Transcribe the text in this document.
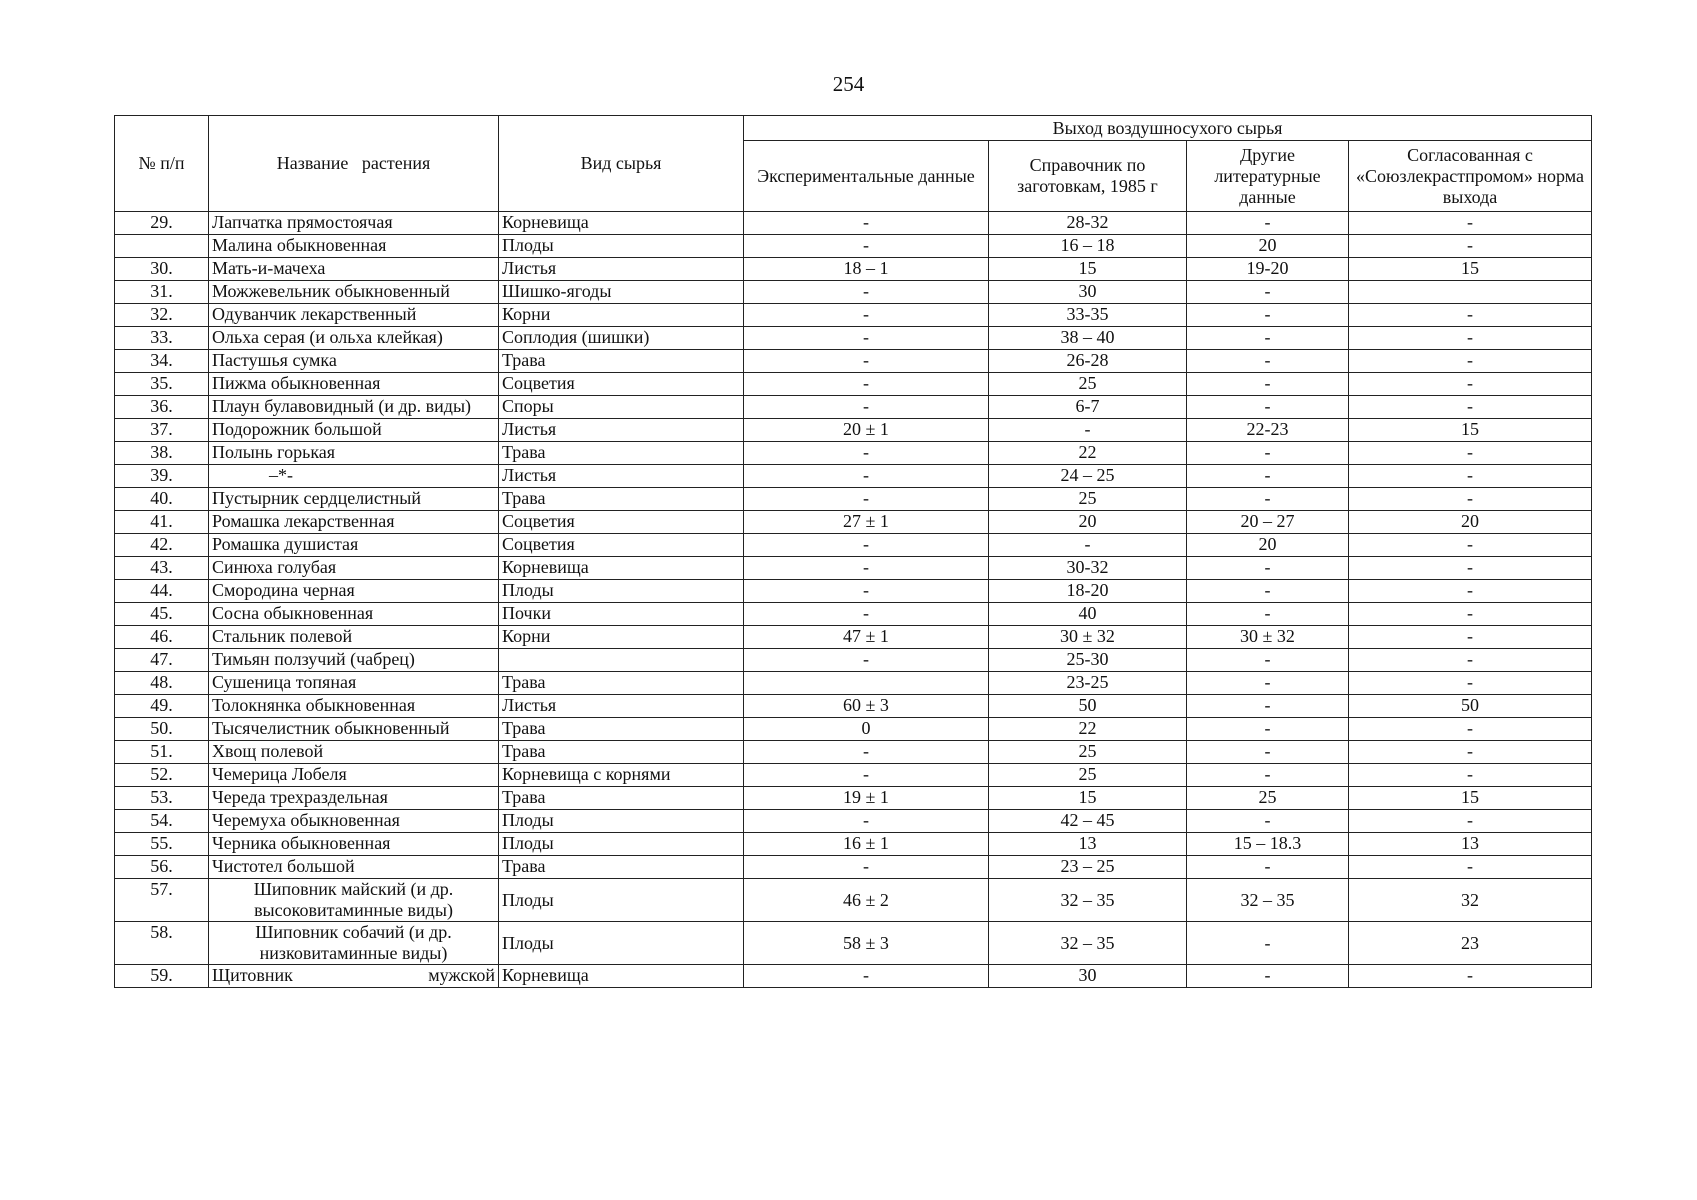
254
№ п/п	Название   растения	Вид сырья	Выход воздушносухого сырья			
			Экспериментальные данные	Справочник по заготовкам, 1985 г	Другие литературные данные	Согласованная с «Союзлекрастпромом» норма выхода
29.	Лапчатка прямостоячая	Корневища	-	28-32	-	-
	Малина обыкновенная	Плоды	-	16 – 18	20	-
30.	Мать-и-мачеха	Листья	18 – 1	15	19-20	15
31.	Можжевельник обыкновенный	Шишко-ягоды	-	30	-	
32.	Одуванчик лекарственный	Корни	-	33-35	-	-
33.	Ольха серая (и ольха клейкая)	Соплодия (шишки)	-	38 – 40	-	-
34.	Пастушья сумка	Трава	-	26-28	-	-
35.	Пижма обыкновенная	Соцветия	-	25	-	-
36.	Плаун булавовидный (и др. виды)	Споры	-	6-7	-	-
37.	Подорожник большой	Листья	20 ± 1	-	22-23	15
38.	Полынь горькая	Трава	-	22	-	-
39.	–*-	Листья	-	24 – 25	-	-
40.	Пустырник сердцелистный	Трава	-	25	-	-
41.	Ромашка лекарственная	Соцветия	27 ± 1	20	20 – 27	20
42.	Ромашка душистая	Соцветия	-	-	20	-
43.	Синюха голубая	Корневища	-	30-32	-	-
44.	Смородина черная	Плоды	-	18-20	-	-
45.	Сосна обыкновенная	Почки	-	40	-	-
46.	Стальник полевой	Корни	47 ± 1	30 ± 32	30 ± 32	-
47.	Тимьян ползучий (чабрец)		-	25-30	-	-
48.	Сушеница топяная	Трава		23-25	-	-
49.	Толокнянка обыкновенная	Листья	60 ± 3	50	-	50
50.	Тысячелистник обыкновенный	Трава	0	22	-	-
51.	Хвощ полевой	Трава	-	25	-	-
52.	Чемерица Лобеля	Корневища с корнями	-	25	-	-
53.	Череда трехраздельная	Трава	19 ± 1	15	25	15
54.	Черемуха обыкновенная	Плоды	-	42 – 45	-	-
55.	Черника обыкновенная	Плоды	16 ± 1	13	15 – 18.3	13
56.	Чистотел большой	Трава	-	23 – 25	-	-
57.	Шиповник майский (и др. высоковитаминные виды)	Плоды	46 ± 2	32 – 35	32 – 35	32
58.	Шиповник собачий (и др. низковитаминные виды)	Плоды	58 ± 3	32 – 35	-	23
59.	Щитовник мужской	Корневища	-	30	-	-
